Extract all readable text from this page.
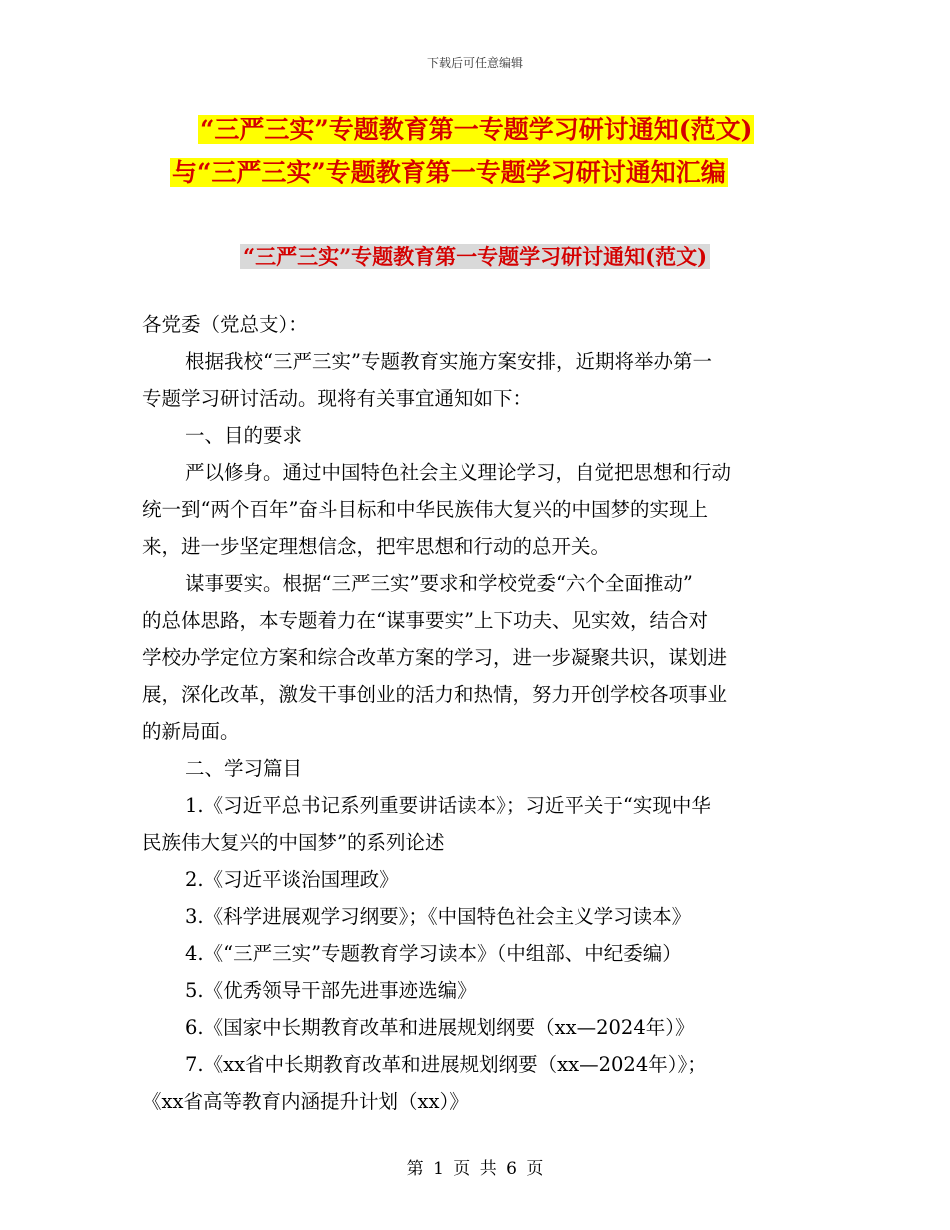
下载后可任意编辑
“三严三实”专题教育第一专题学习研讨通知(范文)
与“三严三实”专题教育第一专题学习研讨通知汇编
“三严三实”专题教育第一专题学习研讨通知(范文)

各党委（党总支）：

根据我校“三严三实”专题教育实施方案安排，近期将举办第一

专题学习研讨活动。现将有关事宜通知如下：

一、目的要求

严以修身。通过中国特色社会主义理论学习，自觉把思想和行动

统一到“两个百年”奋斗目标和中华民族伟大复兴的中国梦的实现上

来，进一步坚定理想信念，把牢思想和行动的总开关。

谋事要实。根据“三严三实”要求和学校党委“六个全面推动”

的总体思路，本专题着力在“谋事要实”上下功夫、见实效，结合对

学校办学定位方案和综合改革方案的学习，进一步凝聚共识，谋划进

展，深化改革，激发干事创业的活力和热情，努力开创学校各项事业

的新局面。

二、学习篇目

1.《习近平总书记系列重要讲话读本》；习近平关于“实现中华

民族伟大复兴的中国梦”的系列论述

2.《习近平谈治国理政》

3.《科学进展观学习纲要》；《中国特色社会主义学习读本》

4.《“三严三实”专题教育学习读本》（中组部、中纪委编）

5.《优秀领导干部先进事迹选编》

6.《国家中长期教育改革和进展规划纲要（xx—2024年）》

7.《xx省中长期教育改革和进展规划纲要（xx—2024年）》；

《xx省高等教育内涵提升计划（xx）》

第 1 页 共 6 页
